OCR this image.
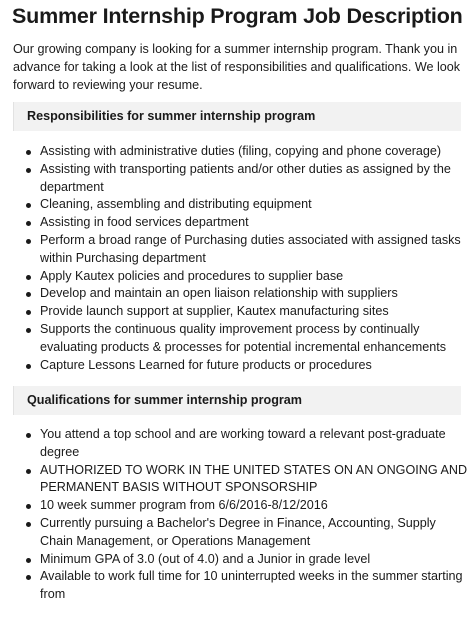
Summer Internship Program Job Description

Our growing company is looking for a summer internship program. Thank you in advance for taking a look at the list of responsibilities and qualifications. We look forward to reviewing your resume.

Responsibilities for summer internship program
Assisting with administrative duties (filing, copying and phone coverage)
Assisting with transporting patients and/or other duties as assigned by the department
Cleaning, assembling and distributing equipment
Assisting in food services department
Perform a broad range of Purchasing duties associated with assigned tasks within Purchasing department
Apply Kautex policies and procedures to supplier base
Develop and maintain an open liaison relationship with suppliers
Provide launch support at supplier, Kautex manufacturing sites
Supports the continuous quality improvement process by continually evaluating products & processes for potential incremental enhancements
Capture Lessons Learned for future products or procedures
Qualifications for summer internship program
You attend a top school and are working toward a relevant post-graduate degree
AUTHORIZED TO WORK IN THE UNITED STATES ON AN ONGOING AND PERMANENT BASIS WITHOUT SPONSORSHIP
10 week summer program from 6/6/2016-8/12/2016
Currently pursuing a Bachelor's Degree in Finance, Accounting, Supply Chain Management, or Operations Management
Minimum GPA of 3.0 (out of 4.0) and a Junior in grade level
Available to work full time for 10 uninterrupted weeks in the summer starting from
